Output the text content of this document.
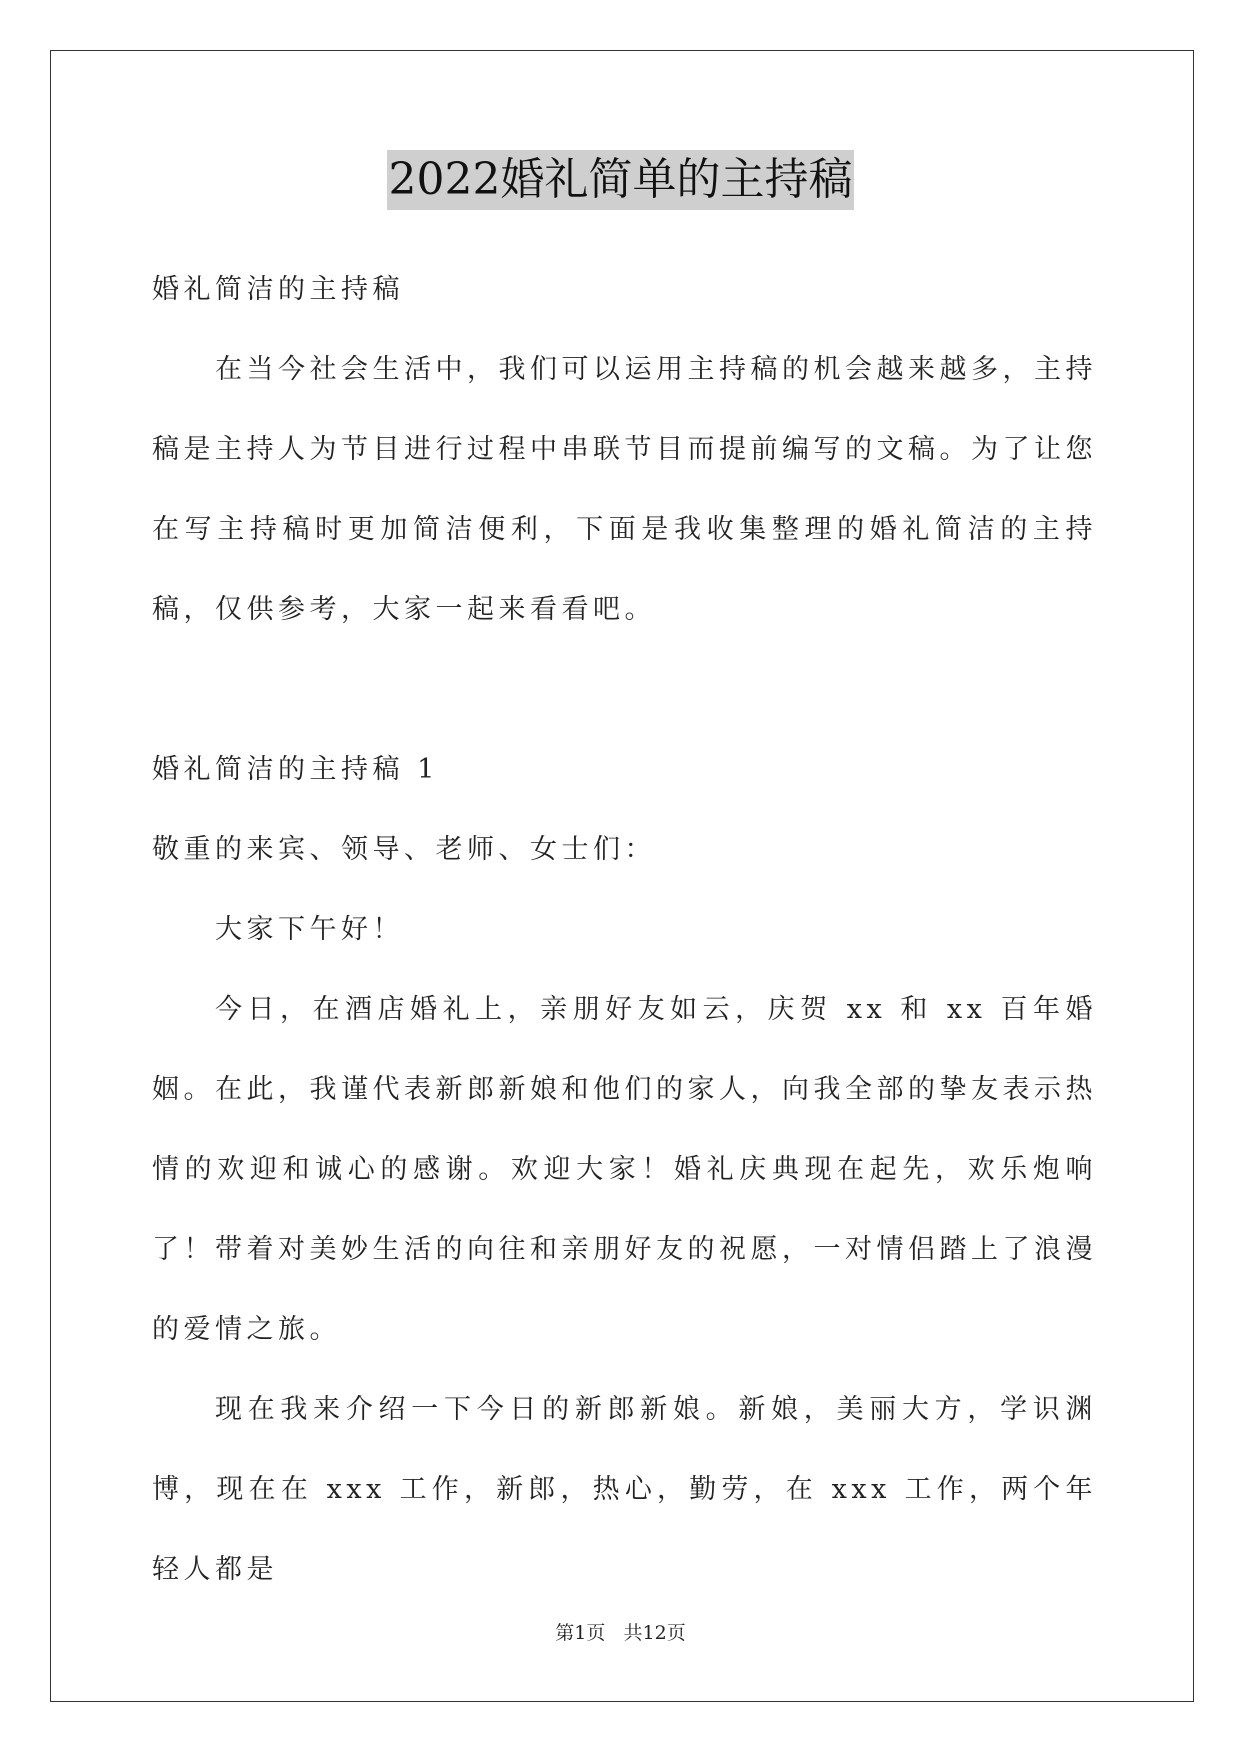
2022婚礼简单的主持稿

婚礼简洁的主持稿

在当今社会生活中，我们可以运用主持稿的机会越来越多，主持稿是主持人为节目进行过程中串联节目而提前编写的文稿。为了让您在写主持稿时更加简洁便利，下面是我收集整理的婚礼简洁的主持稿，仅供参考，大家一起来看看吧。

婚礼简洁的主持稿 1

敬重的来宾、领导、老师、女士们：

大家下午好！

今日，在酒店婚礼上，亲朋好友如云，庆贺 xx 和 xx 百年婚姻。在此，我谨代表新郎新娘和他们的家人，向我全部的挚友表示热情的欢迎和诚心的感谢。欢迎大家！婚礼庆典现在起先，欢乐炮响了！带着对美妙生活的向往和亲朋好友的祝愿，一对情侣踏上了浪漫的爱情之旅。

现在我来介绍一下今日的新郎新娘。新娘，美丽大方，学识渊博，现在在 xxx 工作，新郎，热心，勤劳，在 xxx 工作，两个年轻人都是

第1页 共12页
